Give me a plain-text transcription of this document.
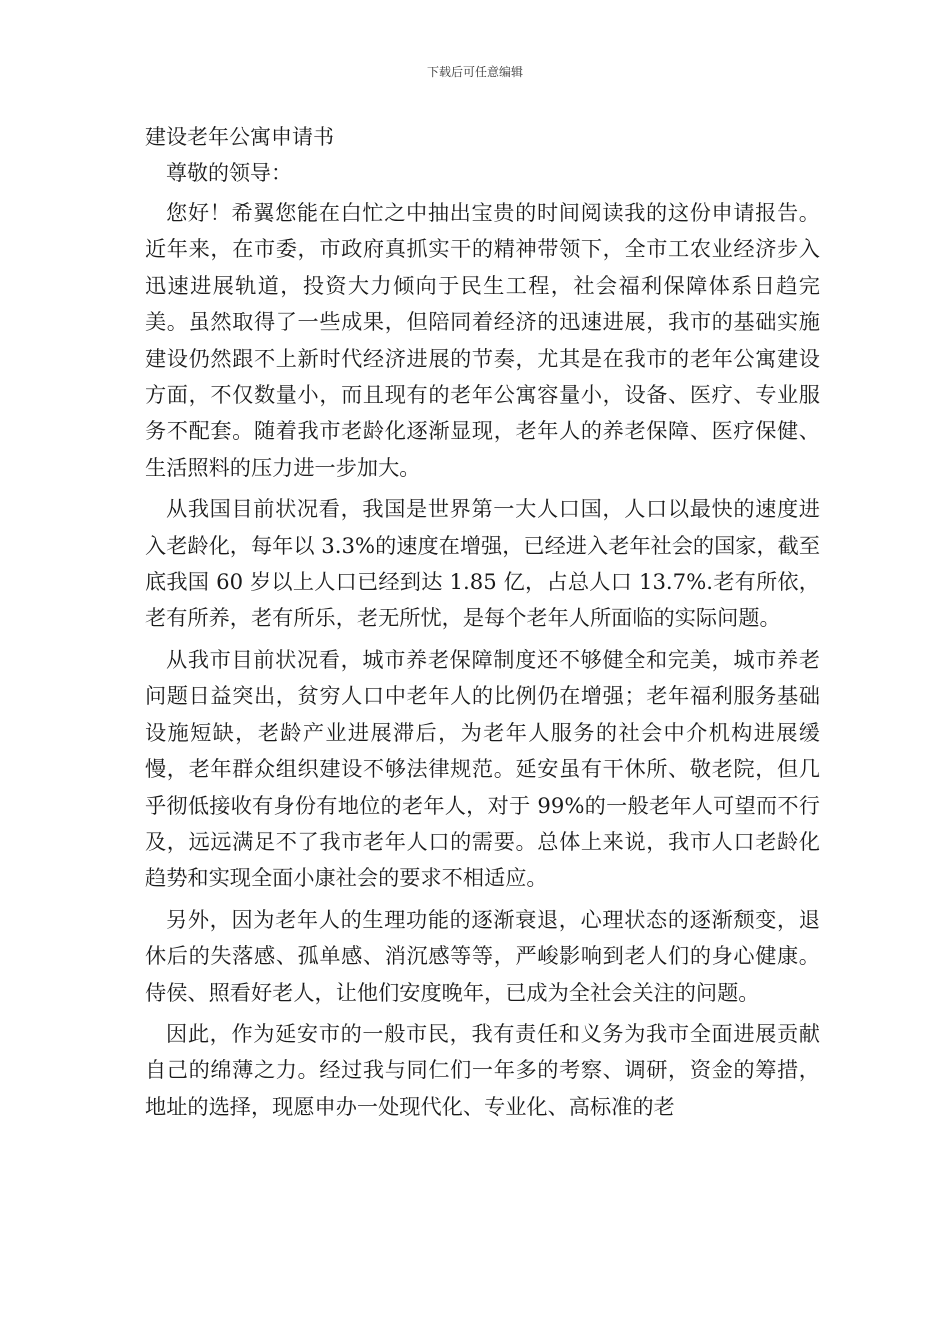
下载后可任意编辑

建设老年公寓申请书

尊敬的领导：

您好！希翼您能在白忙之中抽出宝贵的时间阅读我的这份申请报告。近年来，在市委，市政府真抓实干的精神带领下，全市工农业经济步入迅速进展轨道，投资大力倾向于民生工程，社会福利保障体系日趋完美。虽然取得了一些成果，但陪同着经济的迅速进展，我市的基础实施建设仍然跟不上新时代经济进展的节奏，尤其是在我市的老年公寓建设方面，不仅数量小，而且现有的老年公寓容量小，设备、医疗、专业服务不配套。随着我市老龄化逐渐显现，老年人的养老保障、医疗保健、生活照料的压力进一步加大。

从我国目前状况看，我国是世界第一大人口国，人口以最快的速度进入老龄化，每年以 3.3%的速度在增强，已经进入老年社会的国家，截至底我国 60 岁以上人口已经到达 1.85 亿，占总人口 13.7%.老有所依，老有所养，老有所乐，老无所忧，是每个老年人所面临的实际问题。

从我市目前状况看，城市养老保障制度还不够健全和完美，城市养老问题日益突出，贫穷人口中老年人的比例仍在增强；老年福利服务基础设施短缺，老龄产业进展滞后，为老年人服务的社会中介机构进展缓慢，老年群众组织建设不够法律规范。延安虽有干休所、敬老院，但几乎彻低接收有身份有地位的老年人，对于 99%的一般老年人可望而不行及，远远满足不了我市老年人口的需要。总体上来说，我市人口老龄化趋势和实现全面小康社会的要求不相适应。

另外，因为老年人的生理功能的逐渐衰退，心理状态的逐渐颓变，退休后的失落感、孤单感、消沉感等等，严峻影响到老人们的身心健康。侍侯、照看好老人，让他们安度晚年，已成为全社会关注的问题。

因此，作为延安市的一般市民，我有责任和义务为我市全面进展贡献自己的绵薄之力。经过我与同仁们一年多的考察、调研，资金的筹措，地址的选择，现愿申办一处现代化、专业化、高标准的老
